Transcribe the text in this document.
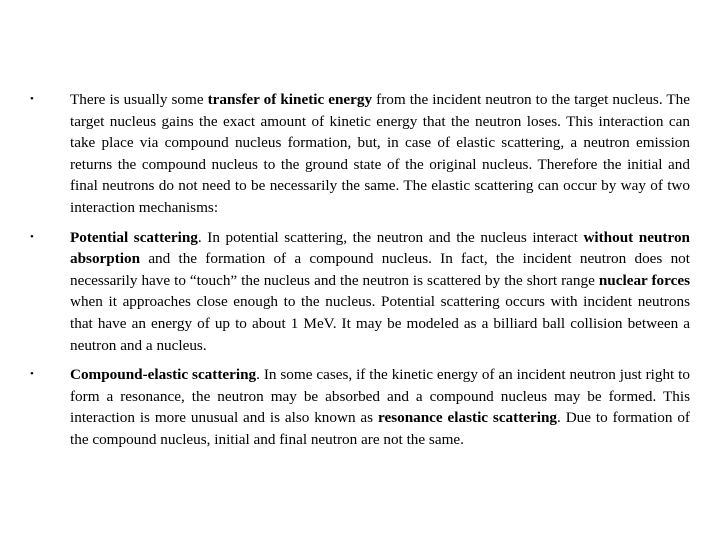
• There is usually some transfer of kinetic energy from the incident neutron to the target nucleus. The target nucleus gains the exact amount of kinetic energy that the neutron loses. This interaction can take place via compound nucleus formation, but, in case of elastic scattering, a neutron emission returns the compound nucleus to the ground state of the original nucleus. Therefore the initial and final neutrons do not need to be necessarily the same. The elastic scattering can occur by way of two interaction mechanisms:
• Potential scattering. In potential scattering, the neutron and the nucleus interact without neutron absorption and the formation of a compound nucleus. In fact, the incident neutron does not necessarily have to “touch” the nucleus and the neutron is scattered by the short range nuclear forces when it approaches close enough to the nucleus. Potential scattering occurs with incident neutrons that have an energy of up to about 1 MeV. It may be modeled as a billiard ball collision between a neutron and a nucleus.
• Compound-elastic scattering. In some cases, if the kinetic energy of an incident neutron just right to form a resonance, the neutron may be absorbed and a compound nucleus may be formed. This interaction is more unusual and is also known as resonance elastic scattering. Due to formation of the compound nucleus, initial and final neutron are not the same.
